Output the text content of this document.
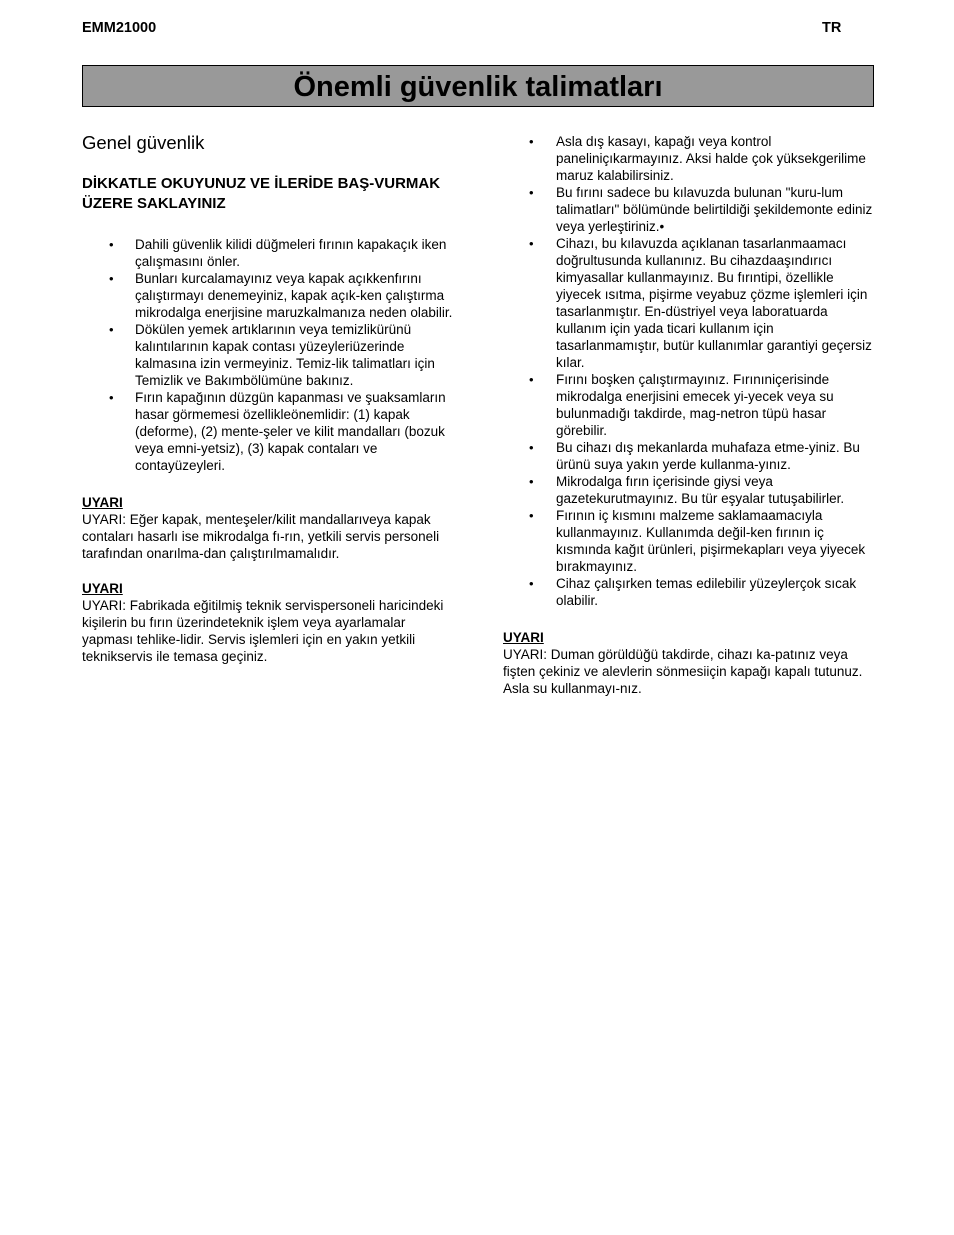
EMM21000	TR
Önemli güvenlik talimatları
Genel güvenlik
DİKKATLE OKUYUNUZ VE İLERİDE BAŞ-VURMAK ÜZERE SAKLAYINIZ
• Dahili güvenlik kilidi düğmeleri fırının kapakaçık iken çalışmasını önler.
• Bunları kurcalamayınız veya kapak açıkkenfırını çalıştırmayı denemeyiniz, kapak açık-ken çalıştırma mikrodalga enerjisine maruzkalmanıza neden olabilir.
• Dökülen yemek artıklarının veya temizlikürünü kalıntılarının kapak contası yüzeyleriüzerinde kalmasına izin vermeyiniz. Temiz-lik talimatları için Temizlik ve Bakımbölümüne bakınız.
• Fırın kapağının düzgün kapanması ve şuaksamların hasar görmemesi özellikleönemlidir: (1) kapak (deforme), (2) mente-şeler ve kilit mandalları (bozuk veya emni-yetsiz), (3) kapak contaları ve contayüzeyleri.
UYARI
UYARI: Eğer kapak, menteşeler/kilit mandallarıveya kapak contaları hasarlı ise mikrodalga fı-rın, yetkili servis personeli tarafından onarılma-dan çalıştırılmamalıdır.
UYARI
UYARI: Fabrikada eğitilmiş teknik servispersoneli haricindeki kişilerin bu fırın üzerindeteknik işlem veya ayarlamalar yapması tehlike-lidir. Servis işlemleri için en yakın yetkili teknikservis ile temasa geçiniz.
• Asla dış kasayı, kapağı veya kontrol paneliniçıkarmayınız. Aksi halde çok yüksekgerilime maruz kalabilirsiniz.
• Bu fırını sadece bu kılavuzda bulunan "kuru-lum talimatları" bölümünde belirtildiği şekildemonte ediniz veya yerleştiriniz.•
• Cihazı, bu kılavuzda açıklanan tasarlanmaamacı doğrultusunda kullanınız. Bu cihazdaaşındırıcı kimyasallar kullanmayınız. Bu fırıntipi, özellikle yiyecek ısıtma, pişirme veyabuz çözme işlemleri için tasarlanmıştır. En-düstriyel veya laboratuarda kullanım için yada ticari kullanım için tasarlanmamıştır, butür kullanımlar garantiyi geçersiz kılar.
• Fırını boşken çalıştırmayınız. Fırınıniçerisinde mikrodalga enerjisini emecek yi-yecek veya su bulunmadığı takdirde, mag-netron tüpü hasar görebilir.
• Bu cihazı dış mekanlarda muhafaza etme-yiniz. Bu ürünü suya yakın yerde kullanma-yınız.
• Mikrodalga fırın içerisinde giysi veya gazetekurutmayınız. Bu tür eşyalar tutuşabilirler.
• Fırının iç kısmını malzeme saklamaamacıyla kullanmayınız. Kullanımda değil-ken fırının iç kısmında kağıt ürünleri, pişirmekapları veya yiyecek bırakmayınız.
• Cihaz çalışırken temas edilebilir yüzeylerçok sıcak olabilir.
UYARI
UYARI: Duman görüldüğü takdirde, cihazı ka-patınız veya fişten çekiniz ve alevlerin sönmesiiçin kapağı kapalı tutunuz. Asla su kullanmayı-nız.
